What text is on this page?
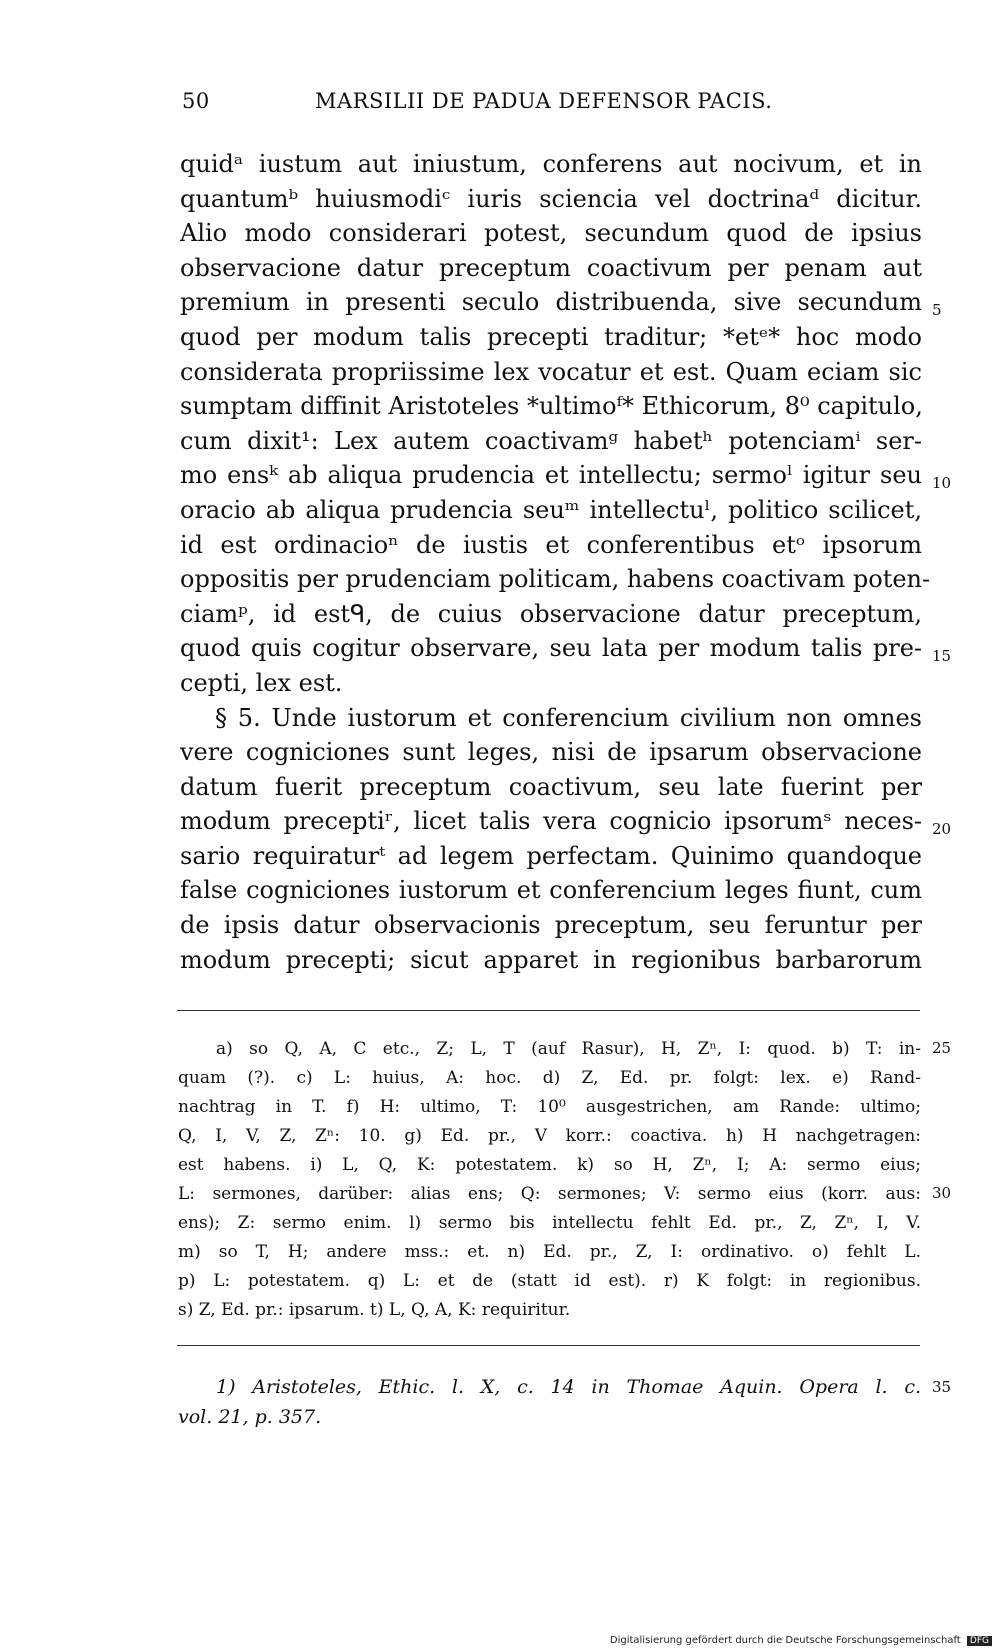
50	MARSILII DE PADUA DEFENSOR PACIS.
quidᵃ iustum aut iniustum, conferens aut nocivum, et in
quantumᵇ huiusmodiᶜ iuris sciencia vel doctrinaᵈ dicitur.
Alio modo considerari potest, secundum quod de ipsius
observacione datur preceptum coactivum per penam aut
premium in presenti seculo distribuenda, sive secundum
quod per modum talis precepti traditur; *etᵉ* hoc modo
considerata propriissime lex vocatur et est. Quam eciam sic
sumptam diffinit Aristoteles *ultimoᶠ* Ethicorum, 8⁰ capitulo,
cum dixit¹: Lex autem coactivamᵍ habetʰ potenciamⁱ ser-
mo ensᵏ ab aliqua prudencia et intellectu; sermoˡ igitur seu
oracio ab aliqua prudencia seuᵐ intellectuˡ, politico scilicet,
id est ordinacioⁿ de iustis et conferentibus etᵒ ipsorum
oppositis per prudenciam politicam, habens coactivam poten-
ciamᵖ, id estᑫ, de cuius observacione datur preceptum,
quod quis cogitur observare, seu lata per modum talis pre-
cepti, lex est.
§ 5. Unde iustorum et conferencium civilium non omnes
vere cogniciones sunt leges, nisi de ipsarum observacione
datum fuerit preceptum coactivum, seu late fuerint per
modum preceptiʳ, licet talis vera cognicio ipsorumˢ neces-
sario requiraturᵗ ad legem perfectam. Quinimo quandoque
false cogniciones iustorum et conferencium leges fiunt, cum
de ipsis datur observacionis preceptum, seu feruntur per
modum precepti; sicut apparet in regionibus barbarorum
5
10
15
20
a) so Q, A, C etc., Z; L, T (auf Rasur), H, Zⁿ, I: quod. b) T: in-
quam (?). c) L: huius, A: hoc. d) Z, Ed. pr. folgt: lex. e) Rand-
nachtrag in T. f) H: ultimo, T: 10⁰ ausgestrichen, am Rande: ultimo;
Q, I, V, Z, Zⁿ: 10. g) Ed. pr., V korr.: coactiva. h) H nachgetragen:
est habens. i) L, Q, K: potestatem. k) so H, Zⁿ, I; A: sermo eius;
L: sermones, darüber: alias ens; Q: sermones; V: sermo eius (korr. aus:
ens); Z: sermo enim. l) sermo bis intellectu fehlt Ed. pr., Z, Zⁿ, I, V.
m) so T, H; andere mss.: et. n) Ed. pr., Z, I: ordinativo. o) fehlt L.
p) L: potestatem. q) L: et de (statt id est). r) K folgt: in regionibus.
s) Z, Ed. pr.: ipsarum. t) L, Q, A, K: requiritur.
25
30
1) Aristoteles, Ethic. l. X, c. 14 in Thomae Aquin. Opera l. c.
vol. 21, p. 357.
35
Digitalisierung gefördert durch die Deutsche Forschungsgemeinschaft DFG
